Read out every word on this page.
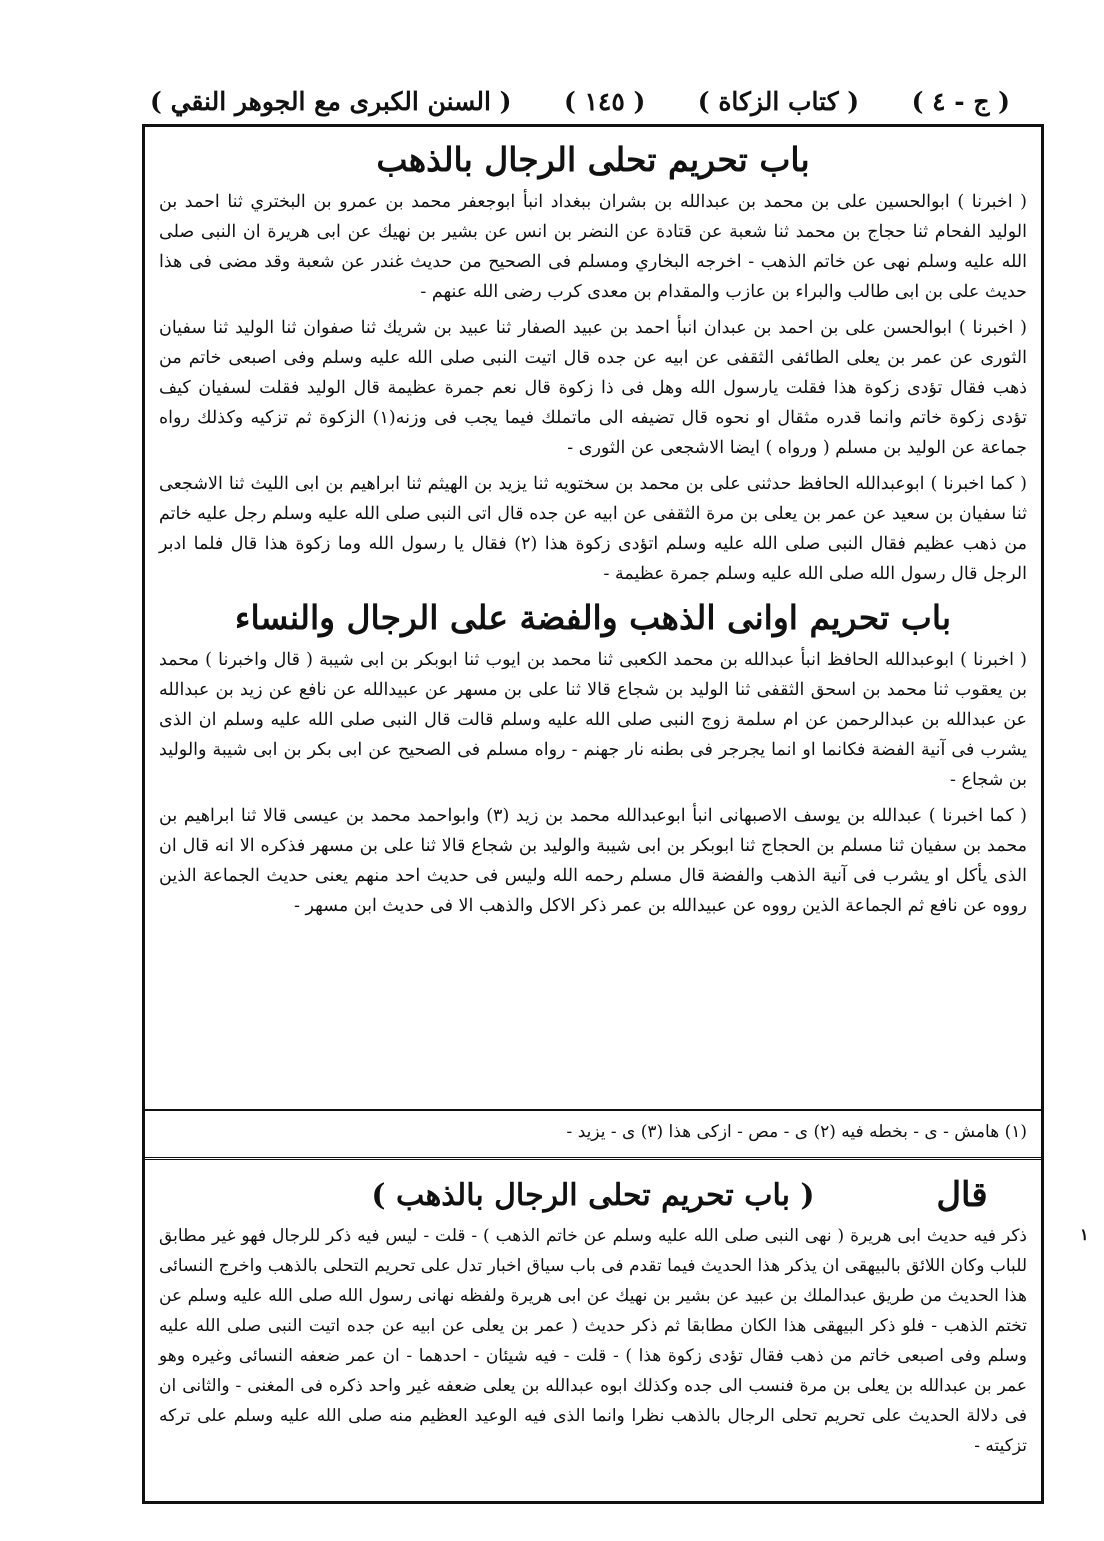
( السنن الكبرى مع الجوهر النقي ) ( ١٤٥ ) ( كتاب الزكاة ) ( ج - ٤ )
باب تحريم تحلى الرجال بالذهب

( اخبرنا ) ابوالحسين على بن محمد بن عبدالله بن بشران ببغداد انبأ ابوجعفر محمد بن عمرو بن البختري ثنا احمد بن الوليد الفحام ثنا حجاج بن محمد ثنا شعبة عن قتادة عن النضر بن انس عن بشير بن نهيك عن ابى هريرة ان النبى صلى الله عليه وسلم نهى عن خاتم الذهب - اخرجه البخاري ومسلم فى الصحيح من حديث غندر عن شعبة وقد مضى فى هذا حديث على بن ابى طالب والبراء بن عازب والمقدام بن معدى كرب رضى الله عنهم -

( اخبرنا ) ابوالحسن على بن احمد بن عبدان انبأ احمد بن عبيد الصفار ثنا عبيد بن شريك ثنا صفوان ثنا الوليد ثنا سفيان الثورى عن عمر بن يعلى الطائفى الثقفى عن ابيه عن جده قال اتيت النبى صلى الله عليه وسلم وفى اصبعى خاتم من ذهب فقال تؤدى زكوة هذا فقلت يارسول الله وهل فى ذا زكوة قال نعم جمرة عظيمة قال الوليد فقلت لسفيان كيف تؤدى زكوة خاتم وانما قدره مثقال او نحوه قال تضيفه الى ماتملك فيما يجب فى وزنه(١) الزكوة ثم تزكيه وكذلك رواه جماعة عن الوليد بن مسلم ( ورواه ) ايضا الاشجعى عن الثورى -

( كما اخبرنا ) ابوعبدالله الحافظ حدثنى على بن محمد بن سختويه ثنا يزيد بن الهيثم ثنا ابراهيم بن ابى الليث ثنا الاشجعى ثنا سفيان بن سعيد عن عمر بن يعلى بن مرة الثقفى عن ابيه عن جده قال اتى النبى صلى الله عليه وسلم رجل عليه خاتم من ذهب عظيم فقال النبى صلى الله عليه وسلم اتؤدى زكوة هذا (٢) فقال يا رسول الله وما زكوة هذا قال فلما ادبر الرجل قال رسول الله صلى الله عليه وسلم جمرة عظيمة -

باب تحريم اوانى الذهب والفضة على الرجال والنساء

( اخبرنا ) ابوعبدالله الحافظ انبأ عبدالله بن محمد الكعبى ثنا محمد بن ايوب ثنا ابوبكر بن ابى شيبة ( قال واخبرنا ) محمد بن يعقوب ثنا محمد بن اسحق الثقفى ثنا الوليد بن شجاع قالا ثنا على بن مسهر عن عبيدالله عن نافع عن زيد بن عبدالله عن عبدالله بن عبدالرحمن عن ام سلمة زوج النبى صلى الله عليه وسلم قالت قال النبى صلى الله عليه وسلم ان الذى يشرب فى آنية الفضة فكانما او انما يجرجر فى بطنه نار جهنم - رواه مسلم فى الصحيح عن ابى بكر بن ابى شيبة والوليد بن شجاع -

( كما اخبرنا ) عبدالله بن يوسف الاصبهانى انبأ ابوعبدالله محمد بن زيد (٣) وابواحمد محمد بن عيسى قالا ثنا ابراهيم بن محمد بن سفيان ثنا مسلم بن الحجاج ثنا ابوبكر بن ابى شيبة والوليد بن شجاع قالا ثنا على بن مسهر فذكره الا انه قال ان الذى يأكل او يشرب فى آنية الذهب والفضة قال مسلم رحمه الله وليس فى حديث احد منهم يعنى حديث الجماعة الذين رووه عن نافع ثم الجماعة الذين رووه عن عبيدالله بن عمر ذكر الاكل والذهب الا فى حديث ابن مسهر -

(١) هامش - ى - بخطه فيه (٢) ى - مص - ازكى هذا (٣) ى - يزيد -
قال
( باب تحريم تحلى الرجال بالذهب )

ذكر فيه حديث ابى هريرة ( نهى النبى صلى الله عليه وسلم عن خاتم الذهب ) - قلت - ليس فيه ذكر للرجال فهو غير مطابق للباب وكان اللائق بالبيهقى ان يذكر هذا الحديث فيما تقدم فى باب سياق اخبار تدل على تحريم التحلى بالذهب واخرج النسائى هذا الحديث من طريق عبدالملك بن عبيد عن بشير بن نهيك عن ابى هريرة ولفظه نهانى رسول الله صلى الله عليه وسلم عن تختم الذهب - فلو ذكر البيهقى هذا الكان مطابقا ثم ذكر حديث ( عمر بن يعلى عن ابيه عن جده اتيت النبى صلى الله عليه وسلم وفى اصبعى خاتم من ذهب فقال تؤدى زكوة هذا ) - قلت - فيه شيئان - احدهما - ان عمر ضعفه النسائى وغيره وهو عمر بن عبدالله بن يعلى بن مرة فنسب الى جده وكذلك ابوه عبدالله بن يعلى ضعفه غير واحد ذكره فى المغنى - والثانى ان فى دلالة الحديث على تحريم تحلى الرجال بالذهب نظرا وانما الذى فيه الوعيد العظيم منه صلى الله عليه وسلم على تركه تزكيته -

١
